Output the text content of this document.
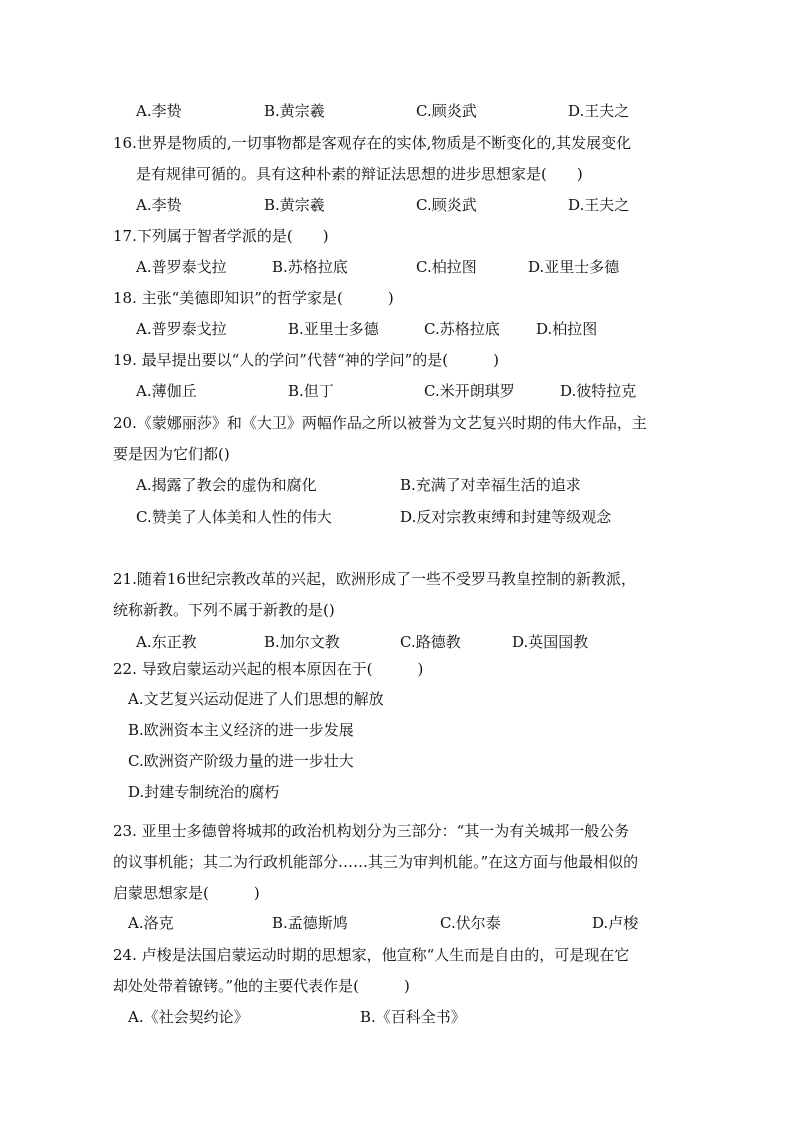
A.李贽	B.黄宗羲	C.顾炎武	D.王夫之
16.世界是物质的,一切事物都是客观存在的实体,物质是不断变化的,其发展变化
是有规律可循的。具有这种朴素的辩证法思想的进步思想家是(　　)
A.李贽	B.黄宗羲	C.顾炎武	D.王夫之
17.下列属于智者学派的是(　　)
A.普罗泰戈拉	B.苏格拉底	C.柏拉图	D.亚里士多德
18. 主张“美德即知识”的哲学家是(　　　)
A.普罗泰戈拉	B.亚里士多德	C.苏格拉底 D.柏拉图
19. 最早提出要以“人的学问”代替“神的学问”的是(　　　)
A.薄伽丘	B.但丁	C.米开朗琪罗	D.彼特拉克
20.《蒙娜丽莎》和《大卫》两幅作品之所以被誉为文艺复兴时期的伟大作品，主
要是因为它们都()
A.揭露了教会的虚伪和腐化	B.充满了对幸福生活的追求
C.赞美了人体美和人性的伟大	D.反对宗教束缚和封建等级观念
21.随着16世纪宗教改革的兴起，欧洲形成了一些不受罗马教皇控制的新教派，
统称新教。下列不属于新教的是()
A.东正教	B.加尔文教	C.路德教	D.英国国教
22. 导致启蒙运动兴起的根本原因在于(　　　)
A.文艺复兴运动促进了人们思想的解放
B.欧洲资本主义经济的进一步发展
C.欧洲资产阶级力量的进一步壮大
D.封建专制统治的腐朽
23. 亚里士多德曾将城邦的政治机构划分为三部分：“其一为有关城邦一般公务
的议事机能；其二为行政机能部分……其三为审判机能。”在这方面与他最相似的
启蒙思想家是(　　　)
A.洛克	B.孟德斯鸠	C.伏尔泰	D.卢梭
24. 卢梭是法国启蒙运动时期的思想家，他宣称“人生而是自由的，可是现在它
却处处带着镣铐。”他的主要代表作是(　　　)
A.《社会契约论》	B.《百科全书》
